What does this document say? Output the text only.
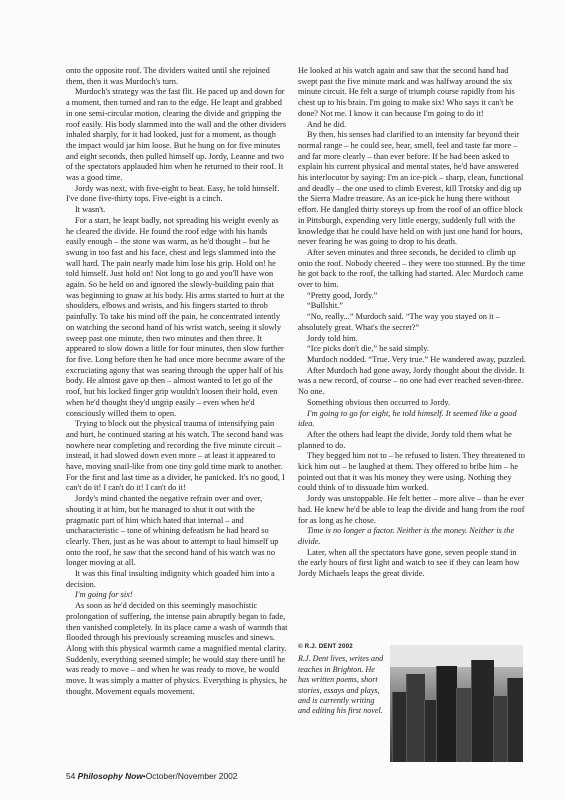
onto the opposite roof. The dividers waited until she rejoined them, then it was Murdoch's turn.

Murdoch's strategy was the fast flit. He paced up and down for a moment, then turned and ran to the edge. He leapt and grabbed in one semi-circular motion, clearing the divide and gripping the roof easily. His body slammed into the wall and the other dividers inhaled sharply, for it had looked, just for a moment, as though the impact would jar him loose. But he hung on for five minutes and eight seconds, then pulled himself up. Jordy, Leanne and two of the spectators applauded him when he returned to their roof. It was a good time.

Jordy was next, with five-eight to beat. Easy, he told himself. I've done five-thirty tops. Five-eight is a cinch.

It wasn't.

For a start, he leapt badly, not spreading his weight evenly as he cleared the divide. He found the roof edge with his hands easily enough – the stone was warm, as he'd thought – but he swung in too fast and his face, chest and legs slammed into the wall hard. The pain nearly made him lose his grip. Hold on! he told himself. Just hold on! Not long to go and you'll have won again. So he held on and ignored the slowly-building pain that was beginning to gnaw at his body. His arms started to hurt at the shoulders, elbows and wrists, and his fingers started to throb painfully. To take his mind off the pain, he concentrated intently on watching the second hand of his wrist watch, seeing it slowly sweep past one minute, then two minutes and then three. It appeared to slow down a little for four minutes, then slow further for five. Long before then he had once more become aware of the excruciating agony that was searing through the upper half of his body. He almost gave up then – almost wanted to let go of the roof, but his locked finger grip wouldn't loosen their hold, even when he'd thought they'd ungrip easily – even when he'd consciously willed them to open.

Trying to block out the physical trauma of intensifying pain and hurt, he continued staring at his watch. The second hand was nowhere near completing and recording the five minute circuit – instead, it had slowed down even more – at least it appeared to have, moving snail-like from one tiny gold time mark to another. For the first and last time as a divider, he panicked. It's no good, I can't do it! I can't do it! I can't do it!

Jordy's mind chanted the negative refrain over and over, shouting it at him, but he managed to shut it out with the pragmatic part of him which hated that internal – and uncharacteristic – tone of whining defeatism he had heard so clearly. Then, just as he was about to attempt to haul himself up onto the roof, he saw that the second hand of his watch was no longer moving at all.

It was this final insulting indignity which goaded him into a decision.

I'm going for six!

As soon as he'd decided on this seemingly masochistic prolongation of suffering, the intense pain abruptly began to fade, then vanished completely. In its place came a wash of warmth that flooded through his previously screaming muscles and sinews. Along with this physical warmth came a magnified mental clarity. Suddenly, everything seemed simple; he would stay there until he was ready to move – and when he was ready to move, he would move. It was simply a matter of physics. Everything is physics, he thought. Movement equals movement.

He looked at his watch again and saw that the second hand had swept past the five minute mark and was halfway around the six minute circuit. He felt a surge of triumph course rapidly from his chest up to his brain. I'm going to make six! Who says it can't be done? Not me. I know it can because I'm going to do it!

And he did.

By then, his senses had clarified to an intensity far beyond their normal range – he could see, hear, smell, feel and taste far more – and far more clearly – than ever before. If he had been asked to explain his current physical and mental states, he'd have answered his interlocutor by saying: I'm an ice-pick – sharp, clean, functional and deadly – the one used to climb Everest, kill Trotsky and dig up the Sierra Madre treasure. As an ice-pick he hung there without effort. He dangled thirty storeys up from the roof of an office block in Pittsburgh, expending very little energy, suddenly full with the knowledge that he could have held on with just one hand for hours, never fearing he was going to drop to his death.

After seven minutes and three seconds, he decided to climb up onto the roof. Nobody cheered – they were too stunned. By the time he got back to the roof, the talking had started. Alec Murdoch came over to him.

“Pretty good, Jordy.”

“Bullshit.”

“No, really...” Murdoch said. “The way you stayed on it – absolutely great. What's the secret?”

Jordy told him.

“Ice picks don't die,” he said simply.

Murdoch nodded. “True. Very true.” He wandered away, puzzled.

After Murdoch had gone away, Jordy thought about the divide. It was a new record, of course – no one had ever reached seven-three. No one.

Something obvious then occurred to Jordy.

I'm going to go for eight, he told himself. It seemed like a good idea.

After the others had leapt the divide, Jordy told them what he planned to do.

They begged him not to – he refused to listen. They threatened to kick him out – he laughed at them. They offered to bribe him – he pointed out that it was his money they were using. Nothing they could think of to dissuade him worked.

Jordy was unstoppable. He felt better – more alive – than he ever had. He knew he'd be able to leap the divide and hang from the roof for as long as he chose.

Time is no longer a factor. Neither is the money. Neither is the divide.

Later, when all the spectators have gone, seven people stand in the early hours of first light and watch to see if they can learn how Jordy Michaels leaps the great divide.

© R.J. DENT 2002
R.J. Dent lives, writes and teaches in Brighton. He has written poems, short stories, essays and plays, and is currently writing and editing his first novel.
54 Philosophy Now•October/November 2002
